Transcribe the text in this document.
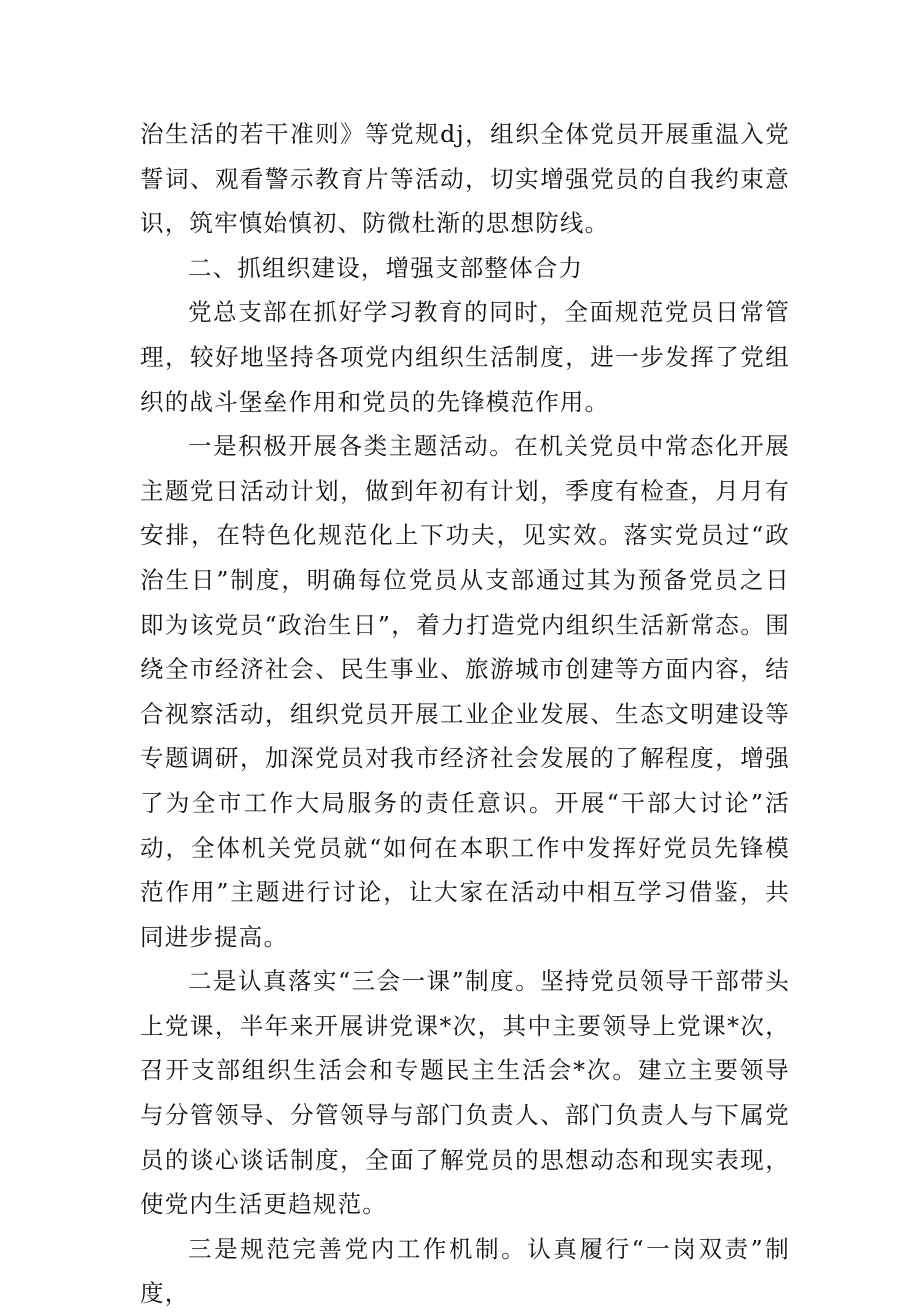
治生活的若干准则》等党规dj，组织全体党员开展重温入党誓词、观看警示教育片等活动，切实增强党员的自我约束意识，筑牢慎始慎初、防微杜渐的思想防线。

二、抓组织建设，增强支部整体合力

党总支部在抓好学习教育的同时，全面规范党员日常管理，较好地坚持各项党内组织生活制度，进一步发挥了党组织的战斗堡垒作用和党员的先锋模范作用。

一是积极开展各类主题活动。在机关党员中常态化开展主题党日活动计划，做到年初有计划，季度有检查，月月有安排，在特色化规范化上下功夫，见实效。落实党员过“政治生日”制度，明确每位党员从支部通过其为预备党员之日即为该党员“政治生日”，着力打造党内组织生活新常态。围绕全市经济社会、民生事业、旅游城市创建等方面内容，结合视察活动，组织党员开展工业企业发展、生态文明建设等专题调研，加深党员对我市经济社会发展的了解程度，增强了为全市工作大局服务的责任意识。开展“干部大讨论”活动，全体机关党员就“如何在本职工作中发挥好党员先锋模范作用”主题进行讨论，让大家在活动中相互学习借鉴，共同进步提高。

二是认真落实“三会一课”制度。坚持党员领导干部带头上党课，半年来开展讲党课*次，其中主要领导上党课*次，召开支部组织生活会和专题民主生活会*次。建立主要领导与分管领导、分管领导与部门负责人、部门负责人与下属党员的谈心谈话制度，全面了解党员的思想动态和现实表现，使党内生活更趋规范。

三是规范完善党内工作机制。认真履行“一岗双责”制度，
